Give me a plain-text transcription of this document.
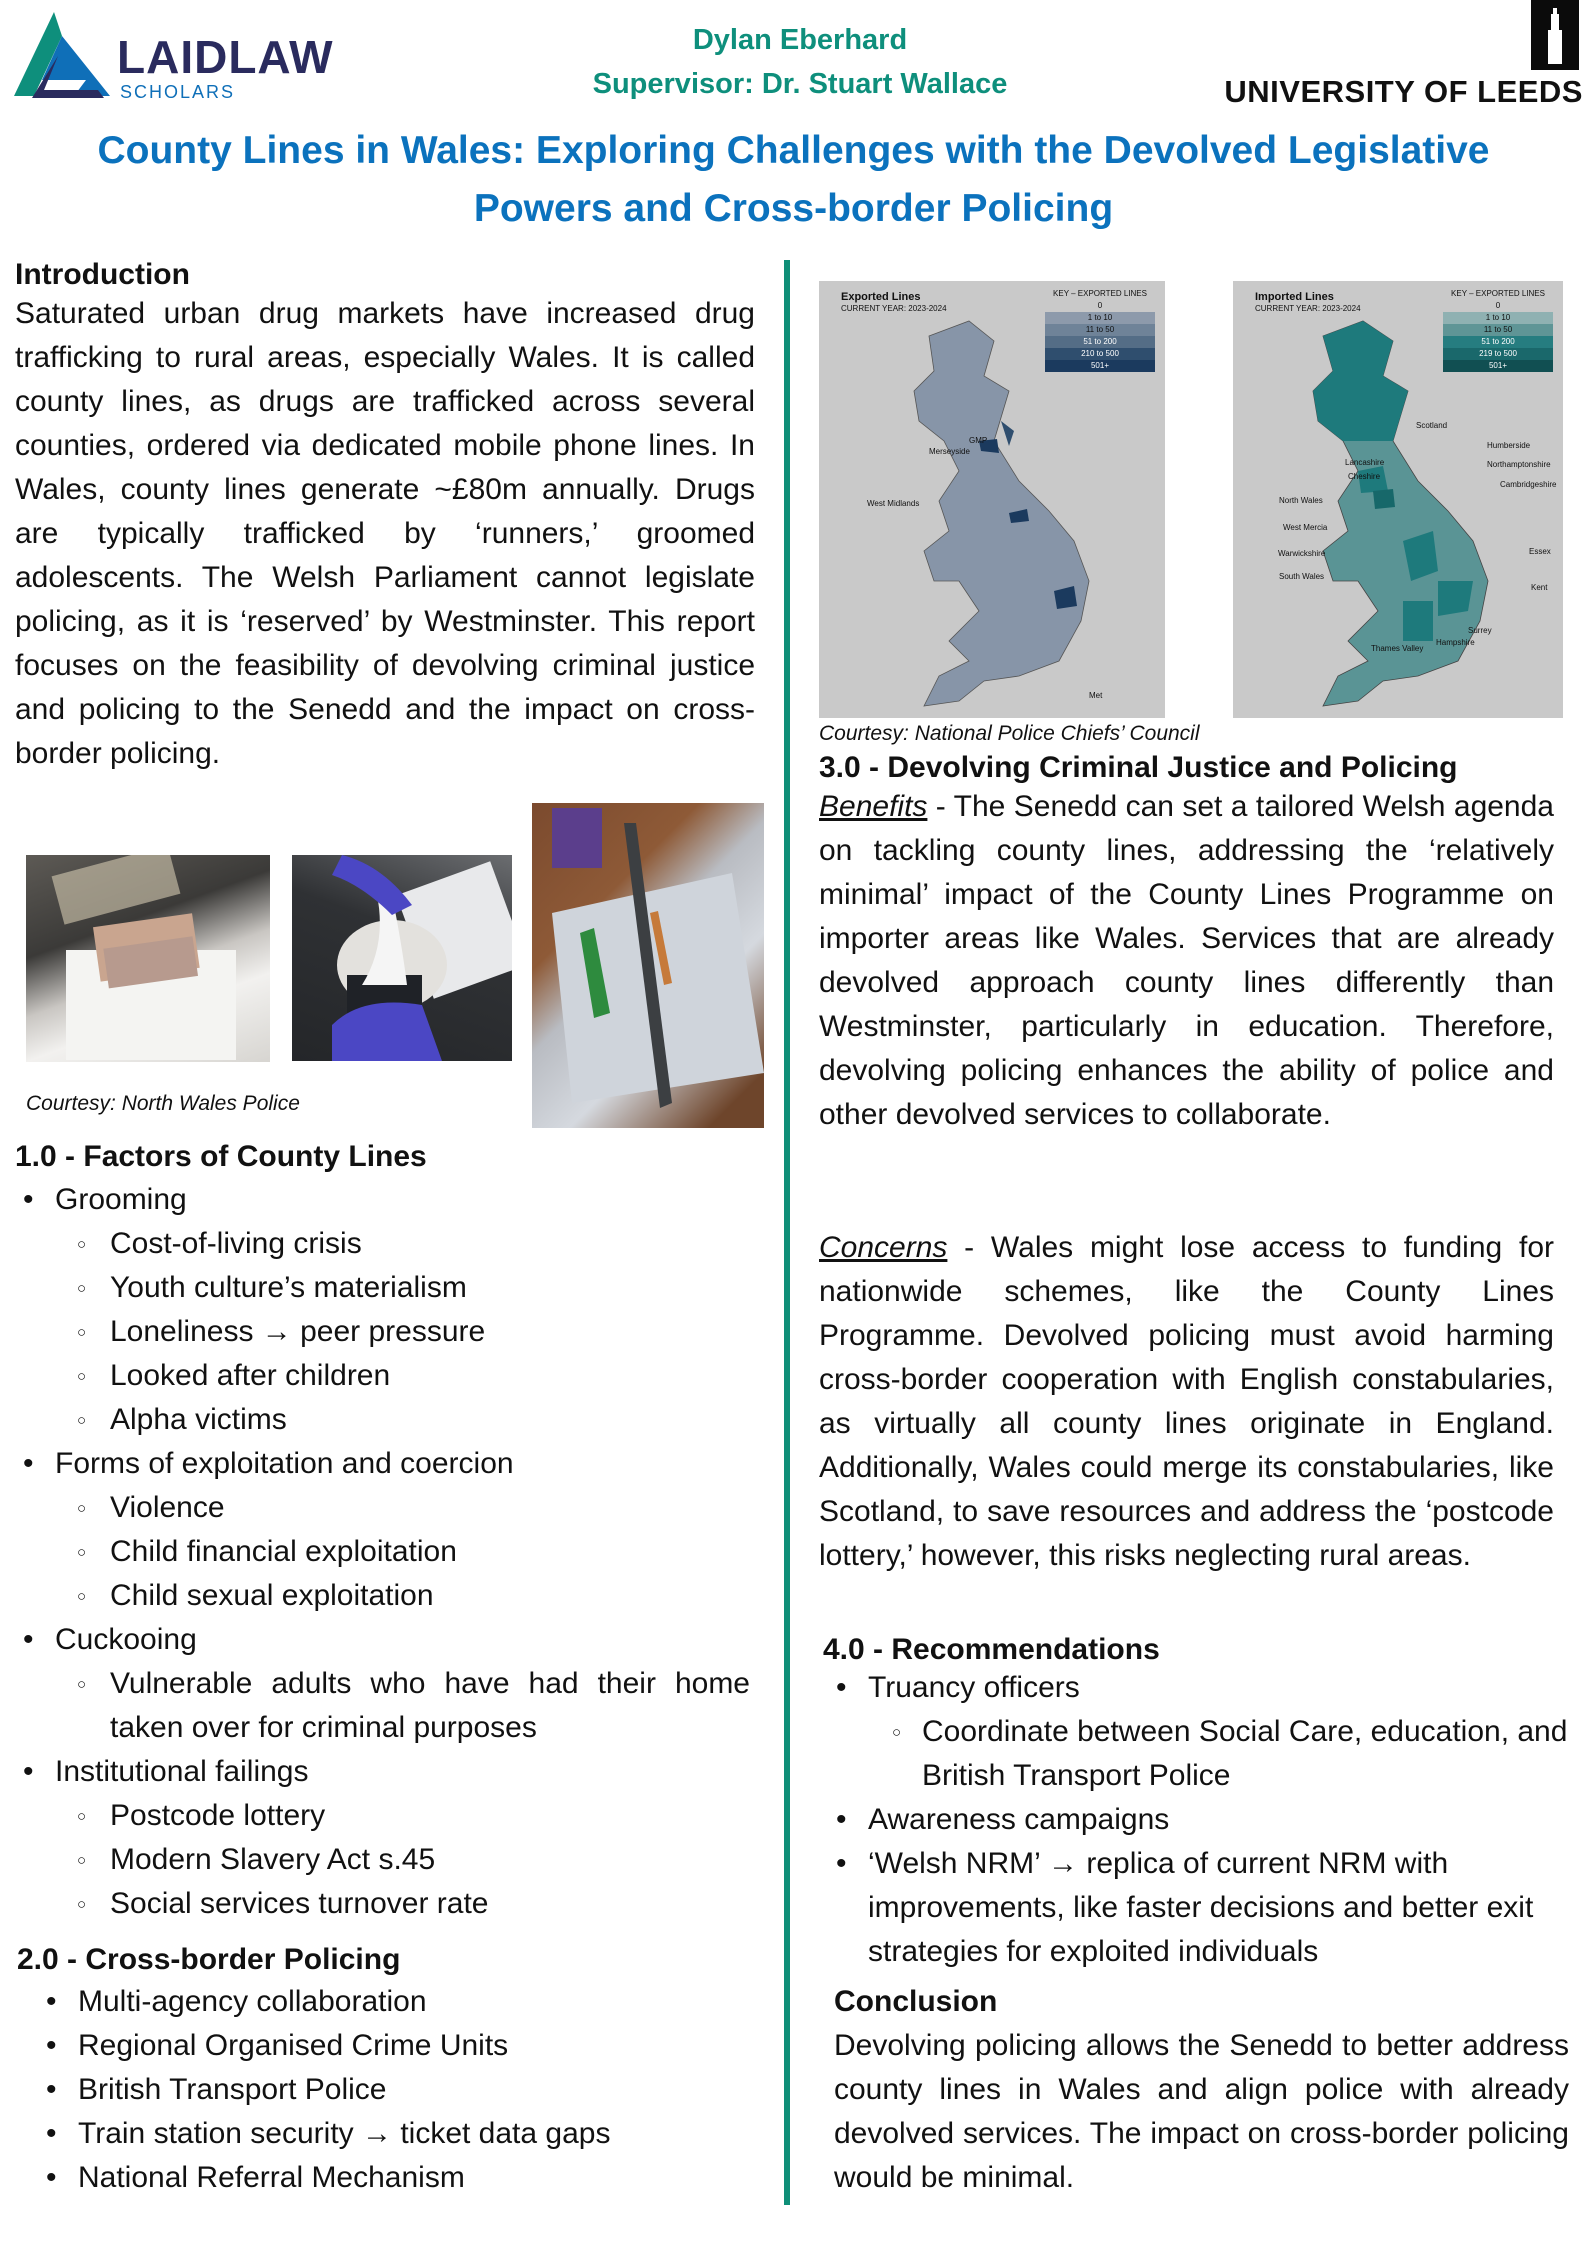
LAIDLAW
SCHOLARS
Dylan Eberhard
Supervisor: Dr. Stuart Wallace	UNIVERSITY OF LEEDS
County Lines in Wales: Exploring Challenges with the Devolved Legislative
Powers and Cross-border Policing
Introduction
Saturated urban drug markets have increased drug trafficking to rural areas, especially Wales. It is called county lines, as drugs are trafficked across several counties, ordered via dedicated mobile phone lines. In Wales, county lines generate ~£80m annually. Drugs are typically trafficked by ‘runners,’ groomed adolescents. The Welsh Parliament cannot legislate policing, as it is ‘reserved’ by Westminster. This report focuses on the feasibility of devolving criminal justice and policing to the Senedd and the impact on cross-border policing.
Courtesy: North Wales Police
1.0 - Factors of County Lines
• Grooming
○ Cost-of-living crisis
○ Youth culture’s materialism
○ Loneliness → peer pressure
○ Looked after children
○ Alpha victims
• Forms of exploitation and coercion
○ Violence
○ Child financial exploitation
○ Child sexual exploitation
• Cuckooing
○ Vulnerable adults who have had their home taken over for criminal purposes
• Institutional failings
○ Postcode lottery
○ Modern Slavery Act s.45
○ Social services turnover rate
2.0 - Cross-border Policing
• Multi-agency collaboration
• Regional Organised Crime Units
• British Transport Police
• Train station security → ticket data gaps
• National Referral Mechanism
Exported Lines
CURRENT YEAR: 2023-2024
KEY – EXPORTED LINES
0
1 to 10
11 to 50
51 to 200
210 to 500
501+
GMP
Merseyside
West Midlands
Met
Imported Lines
CURRENT YEAR: 2023-2024
KEY – EXPORTED LINES
0
1 to 10
11 to 50
51 to 200
219 to 500
501+
Scotland
Humberside
Northamptonshire
Cambridgeshire
Lancashire
Cheshire
North Wales
West Mercia
Warwickshire
South Wales
Essex
Kent
Surrey
Hampshire
Thames Valley
Courtesy: National Police Chiefs’ Council
3.0 - Devolving Criminal Justice and Policing
Benefits - The Senedd can set a tailored Welsh agenda on tackling county lines, addressing the ‘relatively minimal’ impact of the County Lines Programme on importer areas like Wales. Services that are already devolved approach county lines differently than Westminster, particularly in education. Therefore, devolving policing enhances the ability of police and other devolved services to collaborate.
Concerns - Wales might lose access to funding for nationwide schemes, like the County Lines Programme. Devolved policing must avoid harming cross-border cooperation with English constabularies, as virtually all county lines originate in England. Additionally, Wales could merge its constabularies, like Scotland, to save resources and address the ‘postcode lottery,’ however, this risks neglecting rural areas.
4.0 - Recommendations
• Truancy officers
○ Coordinate between Social Care, education, and British Transport Police
• Awareness campaigns
• ‘Welsh NRM’ → replica of current NRM with improvements, like faster decisions and better exit strategies for exploited individuals
Conclusion
Devolving policing allows the Senedd to better address county lines in Wales and align police with already devolved services. The impact on cross-border policing would be minimal.
